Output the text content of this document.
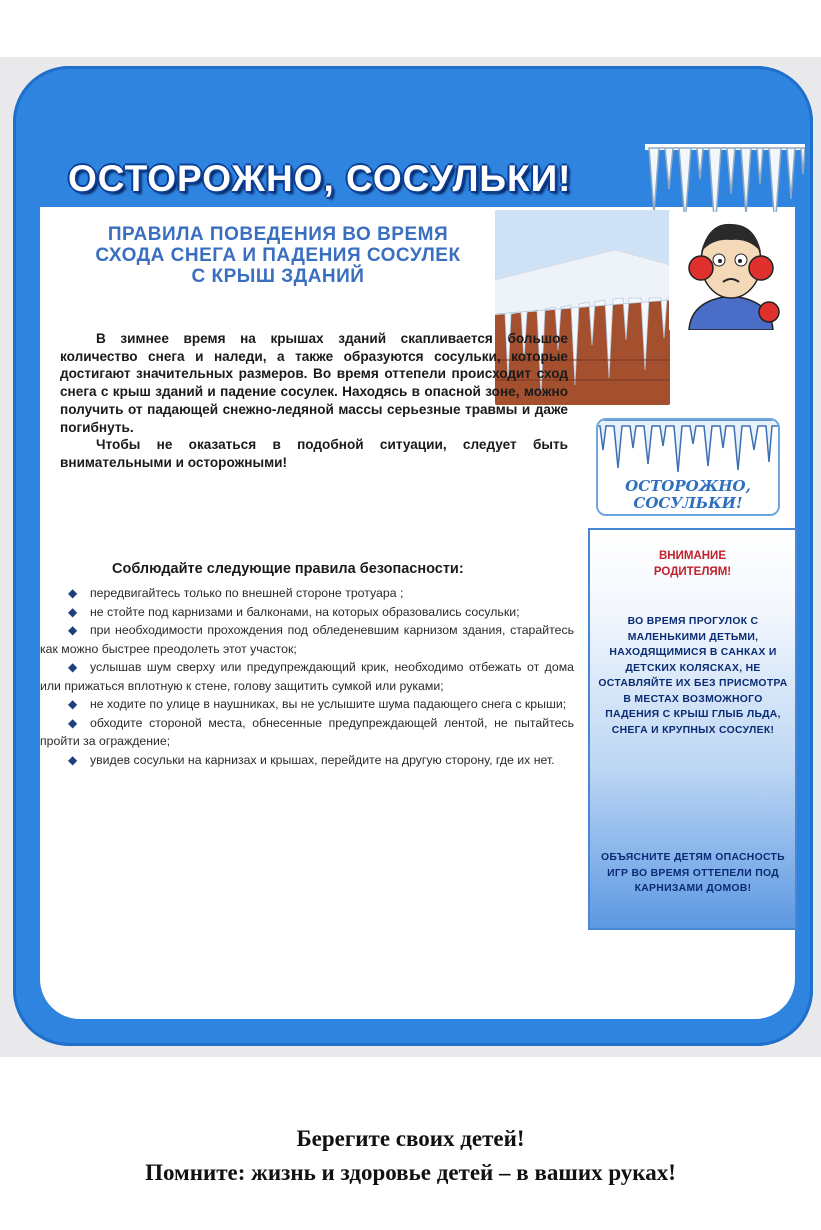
ОСТОРОЖНО, СОСУЛЬКИ!
ПРАВИЛА ПОВЕДЕНИЯ ВО ВРЕМЯ СХОДА СНЕГА И ПАДЕНИЯ СОСУЛЕК С КРЫШ ЗДАНИЙ

В зимнее время на крышах зданий скапливается большое количество снега и наледи, а также образуются сосульки, которые достигают значительных размеров. Во время оттепели происходит сход снега с крыш зданий и падение сосулек. Находясь в опасной зоне, можно получить от падающей снежно-ледяной массы серьезные травмы и даже погибнуть.

Чтобы не оказаться в подобной ситуации, следует быть внимательными и осторожными!

Соблюдайте следующие правила безопасности:
◆ передвигайтесь только по внешней стороне тротуара ;
◆ не стойте под карнизами и балконами, на которых образовались сосульки;
◆ при необходимости прохождения под обледеневшим карнизом здания, старайтесь как можно быстрее преодолеть этот участок;
◆ услышав шум сверху или предупреждающий крик, необходимо отбежать от дома или прижаться вплотную к стене, голову защитить сумкой или руками;
◆ не ходите по улице в наушниках, вы не услышите шума падающего снега с крыши;
◆ обходите стороной места, обнесенные предупреждающей лентой, не пытайтесь пройти за ограждение;
◆ увидев сосульки на карнизах и крышах, перейдите на другую сторону, где их нет.
ОСТОРОЖНО, СОСУЛЬКИ!
ВНИМАНИЕ
РОДИТЕЛЯМ!
ВО ВРЕМЯ ПРОГУЛОК С МАЛЕНЬКИМИ ДЕТЬМИ, НАХОДЯЩИМИСЯ В САНКАХ И ДЕТСКИХ КОЛЯСКАХ, НЕ ОСТАВЛЯЙТЕ ИХ БЕЗ ПРИСМОТРА В МЕСТАХ ВОЗМОЖНОГО ПАДЕНИЯ С КРЫШ ГЛЫБ ЛЬДА, СНЕГА И КРУПНЫХ СОСУЛЕК!
ОБЪЯСНИТЕ ДЕТЯМ ОПАСНОСТЬ ИГР ВО ВРЕМЯ ОТТЕПЕЛИ ПОД КАРНИЗАМИ ДОМОВ!

Берегите своих детей!

Помните: жизнь и здоровье детей – в ваших руках!
